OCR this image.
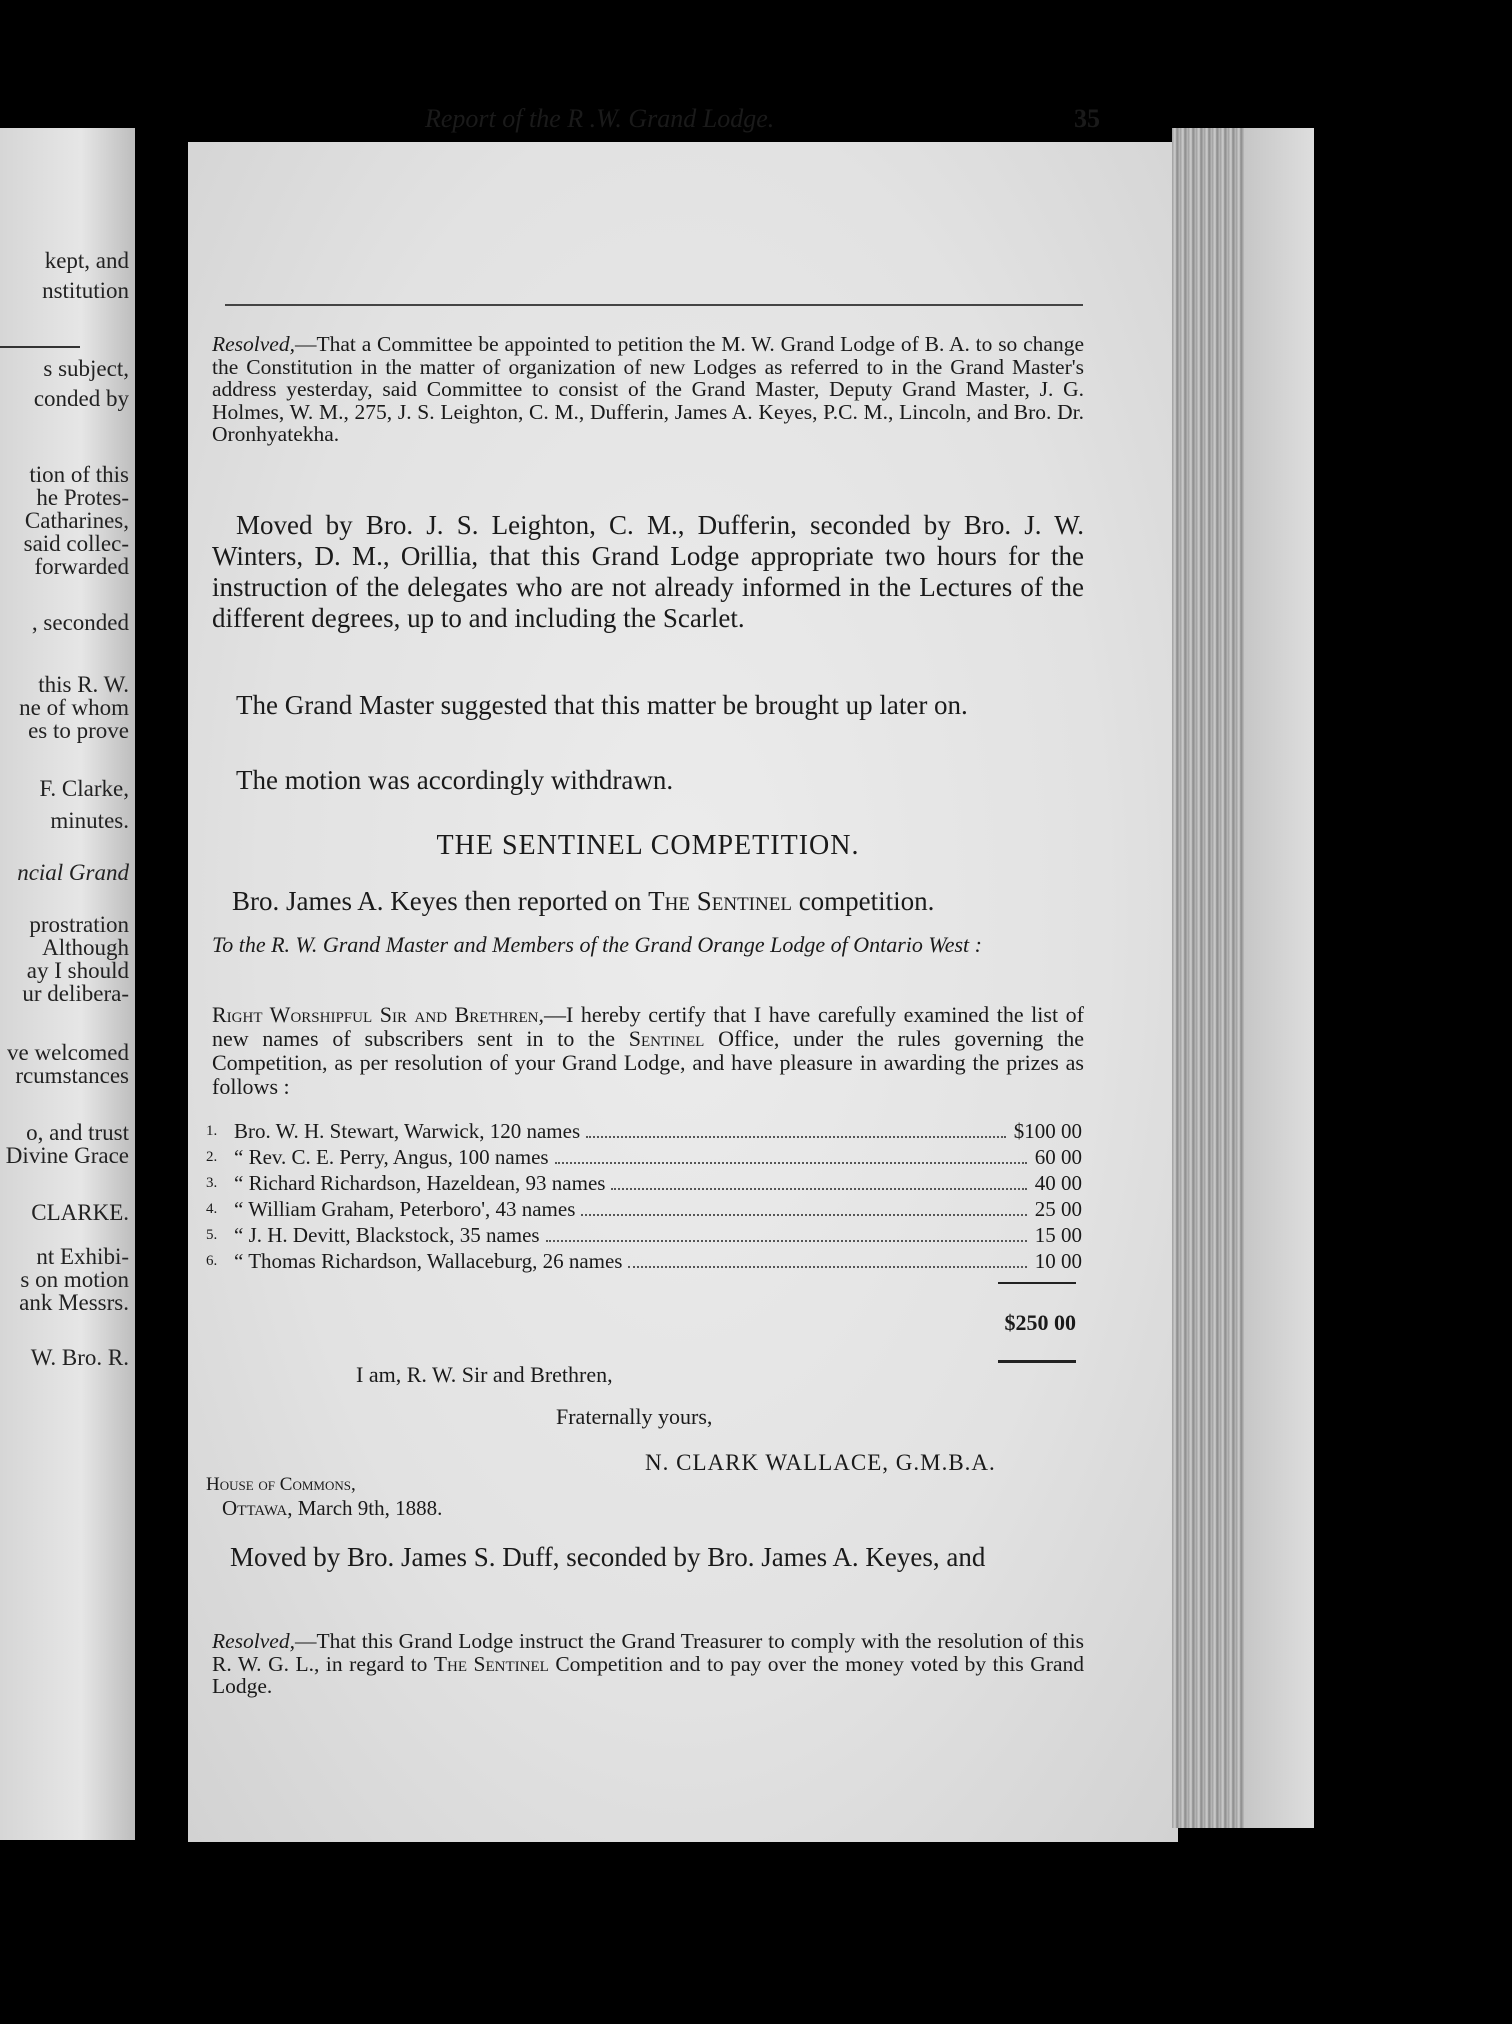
kept, and
nstitution
s subject,
conded by
tion of this
he Protes-
Catharines,
said collec-
forwarded
, seconded
this R. W.
ne of whom
es to prove
F. Clarke,
minutes.
ncial Grand
prostration
Although
ay I should
ur delibera-
ve welcomed
rcumstances
o, and trust
Divine Grace
CLARKE.
nt Exhibi-
s on motion
ank Messrs.
W. Bro. R.
Report of the R .W. Grand Lodge.	35
Resolved,—That a Committee be appointed to petition the M. W. Grand Lodge of B. A. to so change the Constitution in the matter of organization of new Lodges as referred to in the Grand Master's address yesterday, said Committee to consist of the Grand Master, Deputy Grand Master, J. G. Holmes, W. M., 275, J. S. Leighton, C. M., Dufferin, James A. Keyes, P.C. M., Lincoln, and Bro. Dr. Oronhyatekha.
Moved by Bro. J. S. Leighton, C. M., Dufferin, seconded by Bro. J. W. Winters, D. M., Orillia, that this Grand Lodge appropriate two hours for the instruction of the delegates who are not already informed in the Lectures of the different degrees, up to and including the Scarlet.
The Grand Master suggested that this matter be brought up later on.
The motion was accordingly withdrawn.
THE SENTINEL COMPETITION.
Bro. James A. Keyes then reported on The Sentinel competition.
To the R. W. Grand Master and Members of the Grand Orange Lodge of Ontario West :
Right Worshipful Sir and Brethren,—I hereby certify that I have carefully examined the list of new names of subscribers sent in to the Sentinel Office, under the rules governing the Competition, as per resolution of your Grand Lodge, and have pleasure in awarding the prizes as follows :
1. Bro. W. H. Stewart, Warwick, 120 names	$100 00
2. “ Rev. C. E. Perry, Angus, 100 names	60 00
3. “ Richard Richardson, Hazeldean, 93 names	40 00
4. “ William Graham, Peterboro', 43 names	25 00
5. “ J. H. Devitt, Blackstock, 35 names	15 00
6. “ Thomas Richardson, Wallaceburg, 26 names	10 00
$250 00
I am, R. W. Sir and Brethren,
Fraternally yours,
N. CLARK WALLACE, G.M.B.A.
House of Commons,
Ottawa, March 9th, 1888.
Moved by Bro. James S. Duff, seconded by Bro. James A. Keyes, and
Resolved,—That this Grand Lodge instruct the Grand Treasurer to comply with the resolution of this R. W. G. L., in regard to The Sentinel Competition and to pay over the money voted by this Grand Lodge.
